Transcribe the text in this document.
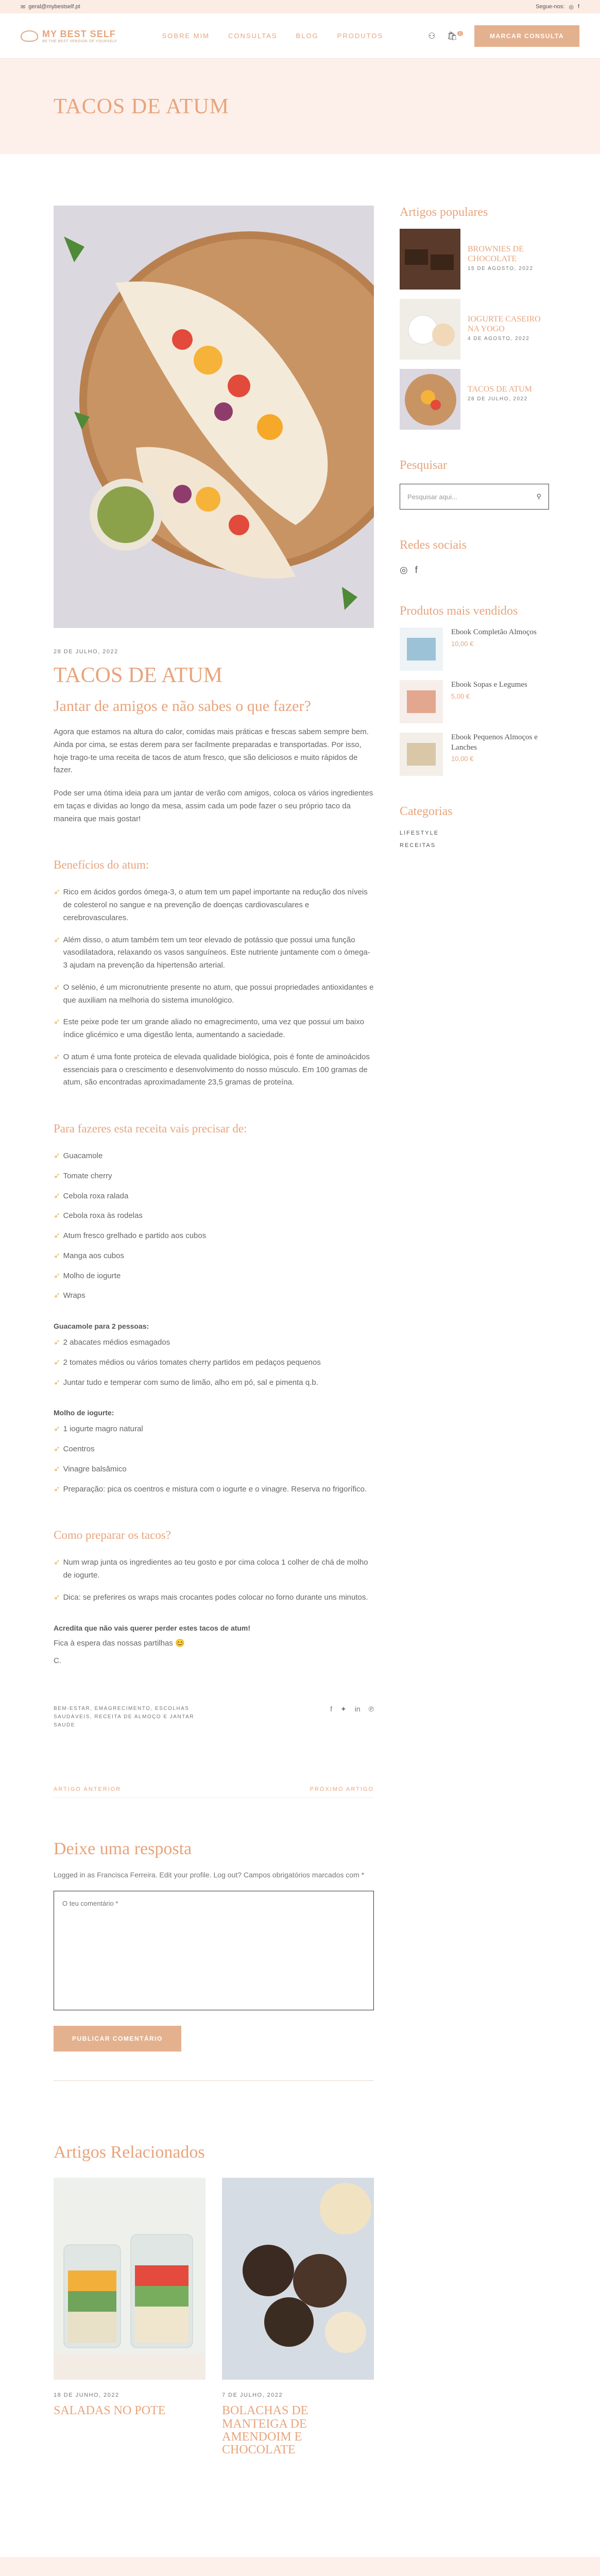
✉ geral@mybestself.pt	Segue-nos: ◎ f
MY BEST SELF
BE THE BEST VERSION OF YOURSELF
SOBRE MIM	CONSULTAS	BLOG	PRODUTOS	⚇ 🛍 $^0$	MARCAR CONSULTA
TACOS DE ATUM
28 DE JULHO, 2022
TACOS DE ATUM
Jantar de amigos e não sabes o que fazer?

Agora que estamos na altura do calor, comidas mais práticas e frescas sabem sempre bem. Ainda por cima, se estas derem para ser facilmente preparadas e transportadas. Por isso, hoje trago-te uma receita de tacos de atum fresco, que são deliciosos e muito rápidos de fazer.

Pode ser uma ótima ideia para um jantar de verão com amigos, coloca os vários ingredientes em taças e dividas ao longo da mesa, assim cada um pode fazer o seu próprio taco da maneira que mais gostar!

Benefícios do atum:
➶ Rico em ácidos gordos ómega-3, o atum tem um papel importante na redução dos níveis de colesterol no sangue e na prevenção de doenças cardiovasculares e cerebrovasculares.
➶ Além disso, o atum também tem um teor elevado de potássio que possui uma função vasodilatadora, relaxando os vasos sanguíneos. Este nutriente juntamente com o ómega-3 ajudam na prevenção da hipertensão arterial.
➶ O selénio, é um micronutriente presente no atum, que possui propriedades antioxidantes e que auxiliam na melhoria do sistema imunológico.
➶ Este peixe pode ter um grande aliado no emagrecimento, uma vez que possui um baixo índice glicémico e uma digestão lenta, aumentando a saciedade.
➶ O atum é uma fonte proteica de elevada qualidade biológica, pois é fonte de aminoácidos essenciais para o crescimento e desenvolvimento do nosso músculo. Em 100 gramas de atum, são encontradas aproximadamente 23,5 gramas de proteína.
Para fazeres esta receita vais precisar de:
➶ Guacamole
➶ Tomate cherry
➶ Cebola roxa ralada
➶ Cebola roxa às rodelas
➶ Atum fresco grelhado e partido aos cubos
➶ Manga aos cubos
➶ Molho de iogurte
➶ Wraps
Guacamole para 2 pessoas:
➶ 2 abacates médios esmagados
➶ 2 tomates médios ou vários tomates cherry partidos em pedaços pequenos
➶ Juntar tudo e temperar com sumo de limão, alho em pó, sal e pimenta q.b.
Molho de iogurte:
➶ 1 iogurte magro natural
➶ Coentros
➶ Vinagre balsâmico
➶ Preparação: pica os coentros e mistura com o iogurte e o vinagre. Reserva no frigorífico.
Como preparar os tacos?
➶ Num wrap junta os ingredientes ao teu gosto e por cima coloca 1 colher de chá de molho de iogurte.
➶ Dica: se preferires os wraps mais crocantes podes colocar no forno durante uns minutos.
Acredita que não vais querer perder estes tacos de atum!

Fica à espera das nossas partilhas 😊

C.

BEM-ESTAR, EMAGRECIMENTO, ESCOLHAS SAUDÁVEIS, RECEITA DE ALMOÇO E JANTAR SAUDE
f ✦ in ℗
ARTIGO ANTERIOR	PRÓXIMO ARTIGO
Deixe uma resposta

Logged in as Francisca Ferreira. Edit your profile. Log out? Campos obrigatórios marcados com *

O teu comentário *
PUBLICAR COMENTÁRIO
Artigos Relacionados
18 DE JUNHO, 2022
SALADAS NO POTE
7 DE JULHO, 2022
BOLACHAS DE MANTEIGA DE AMENDOIM E CHOCOLATE
Artigos populares
BROWNIES DE CHOCOLATE
15 DE AGOSTO, 2022
IOGURTE CASEIRO NA YOGO
4 DE AGOSTO, 2022
TACOS DE ATUM
28 DE JULHO, 2022
Pesquisar
Pesquisar aqui...	⚲
Redes sociais
◎ f
Produtos mais vendidos
Ebook Completão Almoços
10,00 €
Ebook Sopas e Legumes
5,00 €
Ebook Pequenos Almoços e Lanches
10,00 €
Categorias
LIFESTYLE
RECEITAS
